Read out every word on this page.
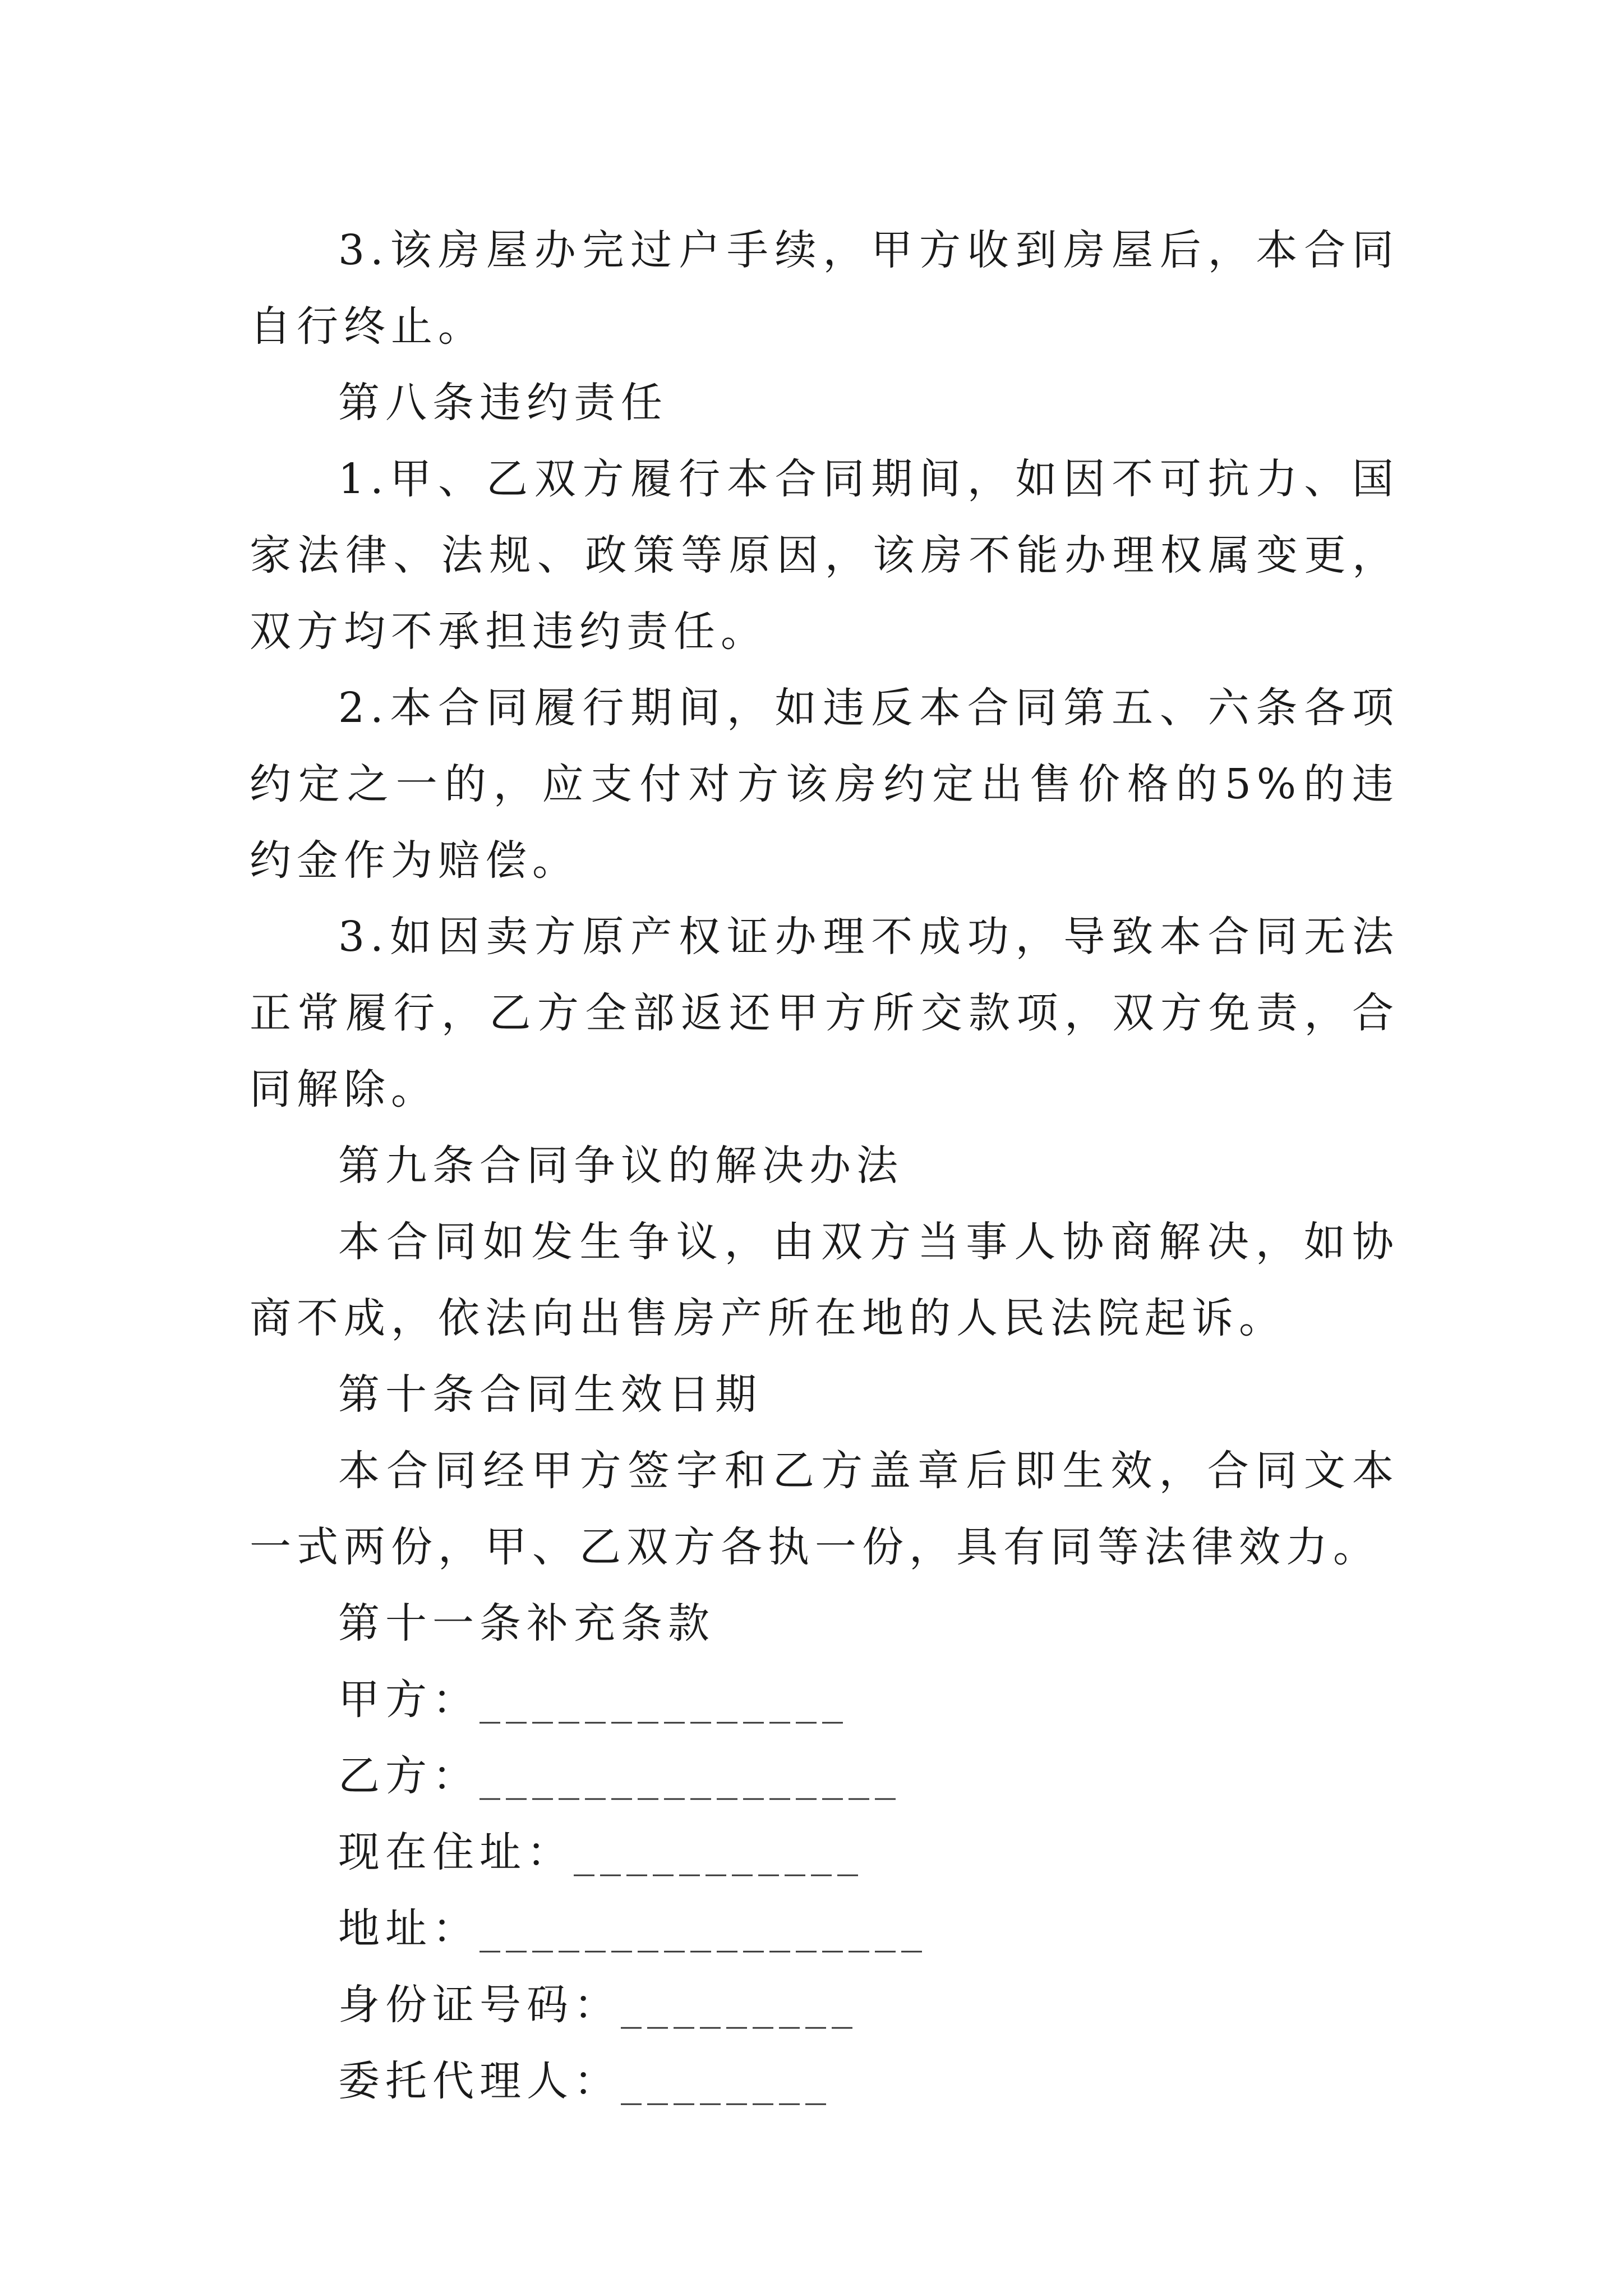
3.该房屋办完过户手续，甲方收到房屋后，本合同自行终止。

第八条违约责任

1.甲、乙双方履行本合同期间，如因不可抗力、国家法律、法规、政策等原因，该房不能办理权属变更，双方均不承担违约责任。

2.本合同履行期间，如违反本合同第五、六条各项约定之一的，应支付对方该房约定出售价格的5%的违约金作为赔偿。

3.如因卖方原产权证办理不成功，导致本合同无法正常履行，乙方全部返还甲方所交款项，双方免责，合同解除。

第九条合同争议的解决办法

本合同如发生争议，由双方当事人协商解决，如协商不成，依法向出售房产所在地的人民法院起诉。

第十条合同生效日期

本合同经甲方签字和乙方盖章后即生效，合同文本一式两份，甲、乙双方各执一份，具有同等法律效力。

第十一条补充条款

甲方：______________

乙方：________________

现在住址：___________

地址：_________________

身份证号码：_________

委托代理人：________
